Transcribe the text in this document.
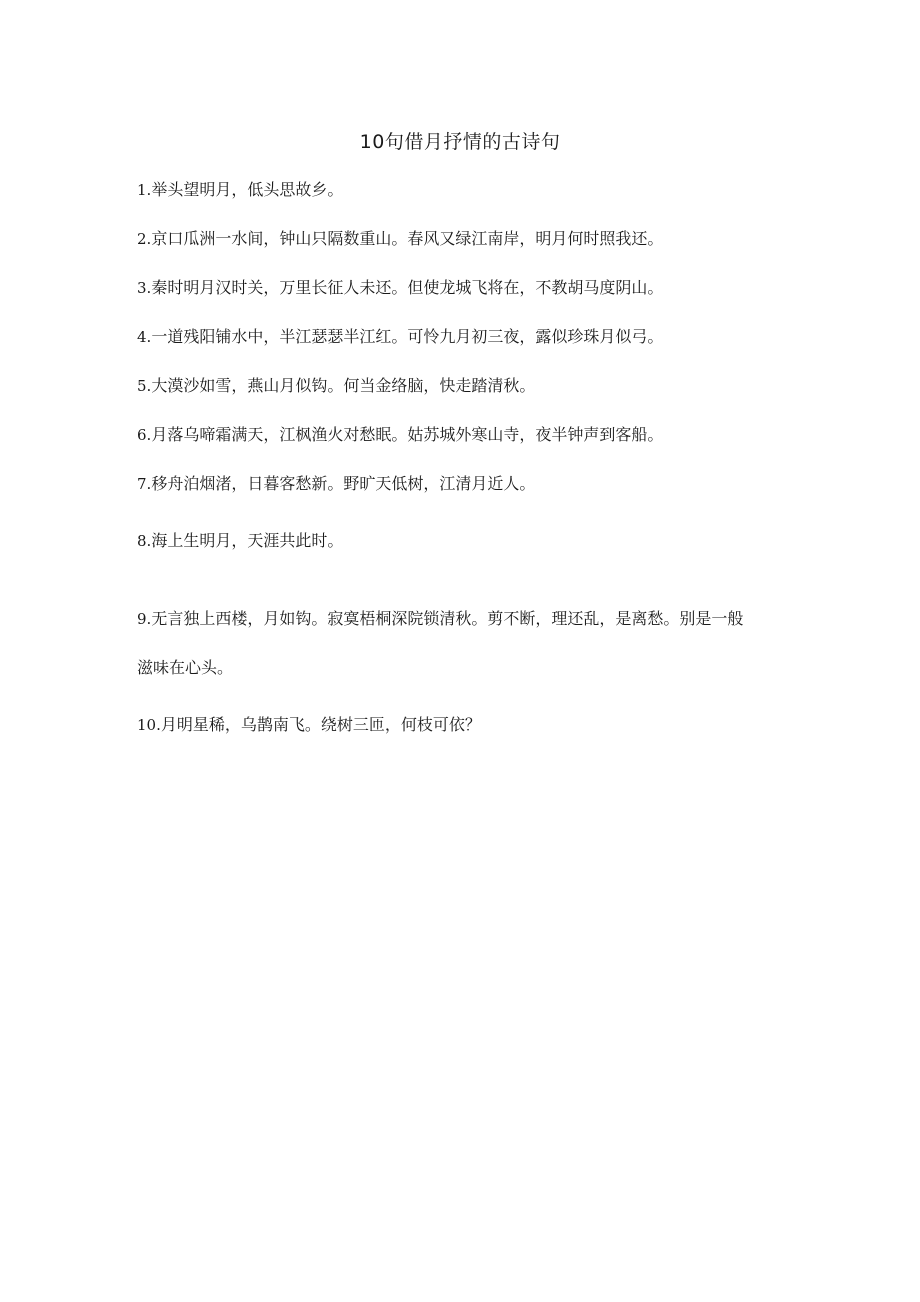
10句借月抒情的古诗句
1.举头望明月，低头思故乡。
2.京口瓜洲一水间，钟山只隔数重山。春风又绿江南岸，明月何时照我还。
3.秦时明月汉时关，万里长征人未还。但使龙城飞将在，不教胡马度阴山。
4.一道残阳铺水中，半江瑟瑟半江红。可怜九月初三夜，露似珍珠月似弓。
5.大漠沙如雪，燕山月似钩。何当金络脑，快走踏清秋。
6.月落乌啼霜满天，江枫渔火对愁眠。姑苏城外寒山寺，夜半钟声到客船。
7.移舟泊烟渚，日暮客愁新。野旷天低树，江清月近人。
8.海上生明月，天涯共此时。
9.无言独上西楼，月如钩。寂寞梧桐深院锁清秋。剪不断，理还乱，是离愁。别是一般
滋味在心头。
10.月明星稀，乌鹊南飞。绕树三匝，何枝可依？
